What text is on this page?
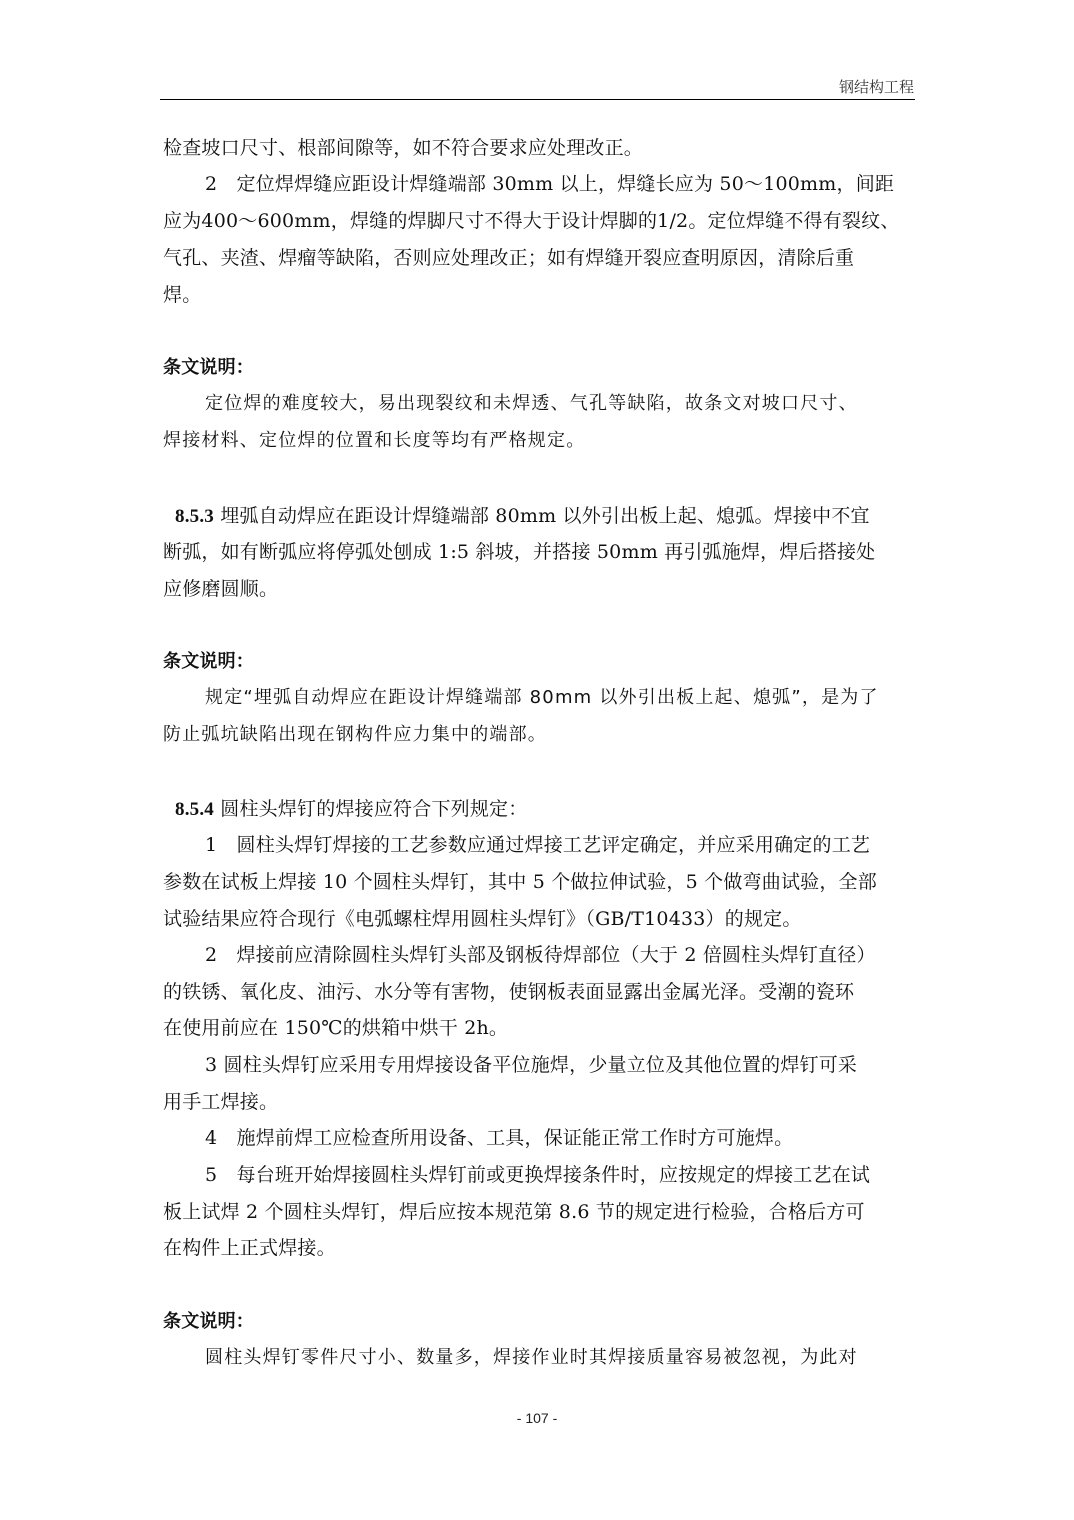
钢结构工程
检查坡口尺寸、根部间隙等，如不符合要求应处理改正。
2　定位焊焊缝应距设计焊缝端部 30mm 以上，焊缝长应为 50～100mm，间距
应为400～600mm，焊缝的焊脚尺寸不得大于设计焊脚的1/2。定位焊缝不得有裂纹、
气孔、夹渣、焊瘤等缺陷，否则应处理改正；如有焊缝开裂应查明原因，清除后重
焊。
条文说明：
定位焊的难度较大，易出现裂纹和未焊透、气孔等缺陷，故条文对坡口尺寸、
焊接材料、定位焊的位置和长度等均有严格规定。
8.5.3 埋弧自动焊应在距设计焊缝端部 80mm 以外引出板上起、熄弧。焊接中不宜
断弧，如有断弧应将停弧处刨成 1:5 斜坡，并搭接 50mm 再引弧施焊，焊后搭接处
应修磨圆顺。
条文说明：
规定“埋弧自动焊应在距设计焊缝端部 80mm 以外引出板上起、熄弧”，是为了
防止弧坑缺陷出现在钢构件应力集中的端部。
8.5.4 圆柱头焊钉的焊接应符合下列规定：
1　圆柱头焊钉焊接的工艺参数应通过焊接工艺评定确定，并应采用确定的工艺
参数在试板上焊接 10 个圆柱头焊钉，其中 5 个做拉伸试验，5 个做弯曲试验，全部
试验结果应符合现行《电弧螺柱焊用圆柱头焊钉》（GB/T10433）的规定。
2　焊接前应清除圆柱头焊钉头部及钢板待焊部位（大于 2 倍圆柱头焊钉直径）
的铁锈、氧化皮、油污、水分等有害物，使钢板表面显露出金属光泽。受潮的瓷环
在使用前应在 150℃的烘箱中烘干 2h。
3 圆柱头焊钉应采用专用焊接设备平位施焊，少量立位及其他位置的焊钉可采
用手工焊接。
4　施焊前焊工应检查所用设备、工具，保证能正常工作时方可施焊。
5　每台班开始焊接圆柱头焊钉前或更换焊接条件时，应按规定的焊接工艺在试
板上试焊 2 个圆柱头焊钉，焊后应按本规范第 8.6 节的规定进行检验，合格后方可
在构件上正式焊接。
条文说明：
圆柱头焊钉零件尺寸小、数量多，焊接作业时其焊接质量容易被忽视，为此对
- 107 -
